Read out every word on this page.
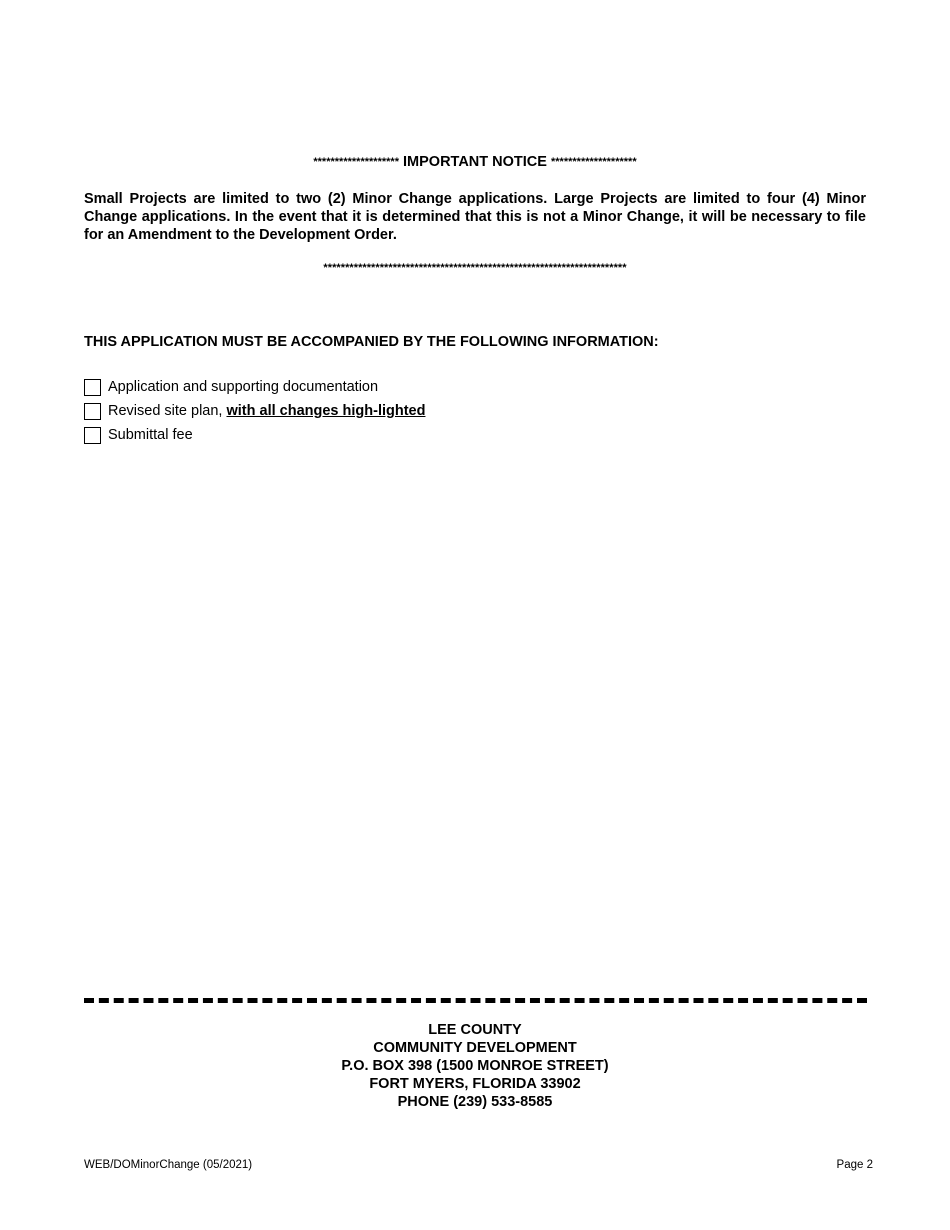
******************** IMPORTANT NOTICE ********************
Small Projects are limited to two (2) Minor Change applications. Large Projects are limited to four (4) Minor Change applications. In the event that it is determined that this is not a Minor Change, it will be necessary to file for an Amendment to the Development Order.
**********************************************************************
THIS APPLICATION MUST BE ACCOMPANIED BY THE FOLLOWING INFORMATION:
Application and supporting documentation
Revised site plan, with all changes high-lighted
Submittal fee
LEE COUNTY
COMMUNITY DEVELOPMENT
P.O. BOX 398 (1500 MONROE STREET)
FORT MYERS, FLORIDA 33902
PHONE (239) 533-8585
WEB/DOMinorChange (05/2021)	Page 2
